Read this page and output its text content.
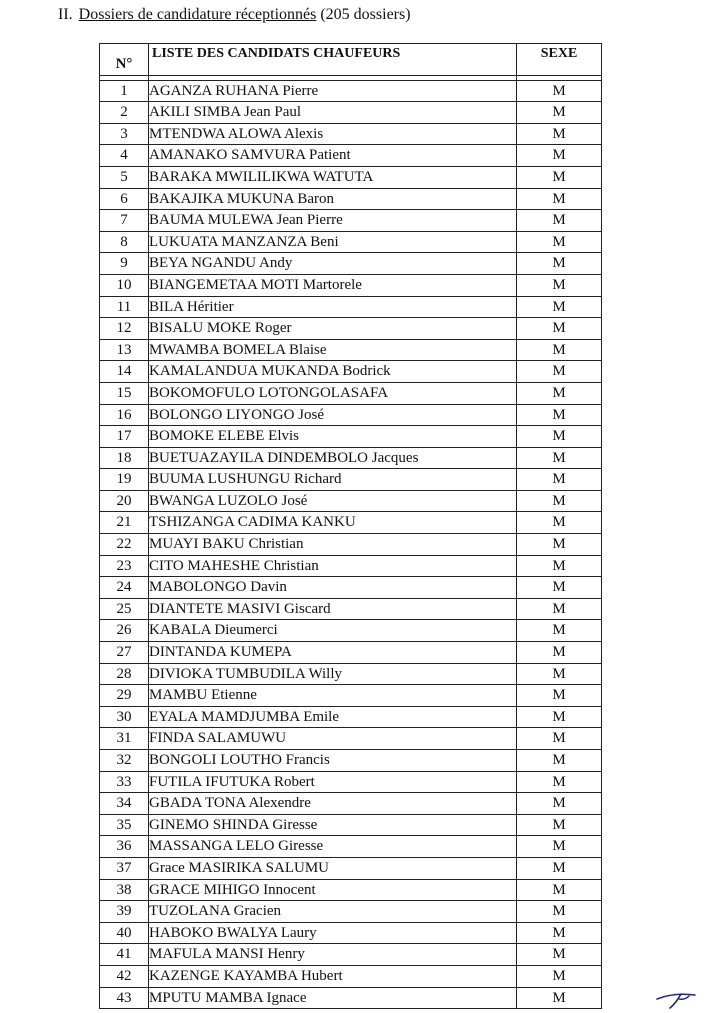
II. Dossiers de candidature réceptionnés (205 dossiers)
N°	LISTE DES CANDIDATS CHAUFEURS	SEXE

1	AGANZA RUHANA Pierre	M
2	AKILI SIMBA Jean Paul	M
3	MTENDWA ALOWA Alexis	M
4	AMANAKO SAMVURA Patient	M
5	BARAKA MWILILIKWA WATUTA	M
6	BAKAJIKA MUKUNA Baron	M
7	BAUMA MULEWA Jean Pierre	M
8	LUKUATA MANZANZA Beni	M
9	BEYA NGANDU Andy	M
10	BIANGEMETAA MOTI Martorele	M
11	BILA Héritier	M
12	BISALU MOKE Roger	M
13	MWAMBA BOMELA Blaise	M
14	KAMALANDUA MUKANDA Bodrick	M
15	BOKOMOFULO LOTONGOLASAFA	M
16	BOLONGO LIYONGO José	M
17	BOMOKE ELEBE Elvis	M
18	BUETUAZAYILA DINDEMBOLO Jacques	M
19	BUUMA LUSHUNGU Richard	M
20	BWANGA LUZOLO José	M
21	TSHIZANGA CADIMA KANKU	M
22	MUAYI BAKU Christian	M
23	CITO MAHESHE Christian	M
24	MABOLONGO Davin	M
25	DIANTETE MASIVI Giscard	M
26	KABALA Dieumerci	M
27	DINTANDA KUMEPA	M
28	DIVIOKA TUMBUDILA Willy	M
29	MAMBU Etienne	M
30	EYALA MAMDJUMBA Emile	M
31	FINDA SALAMUWU	M
32	BONGOLI LOUTHO Francis	M
33	FUTILA IFUTUKA Robert	M
34	GBADA TONA Alexendre	M
35	GINEMO SHINDA Giresse	M
36	MASSANGA LELO Giresse	M
37	Grace MASIRIKA SALUMU	M
38	GRACE MIHIGO Innocent	M
39	TUZOLANA Gracien	M
40	HABOKO BWALYA Laury	M
41	MAFULA MANSI Henry	M
42	KAZENGE KAYAMBA Hubert	M
43	MPUTU MAMBA Ignace	M
